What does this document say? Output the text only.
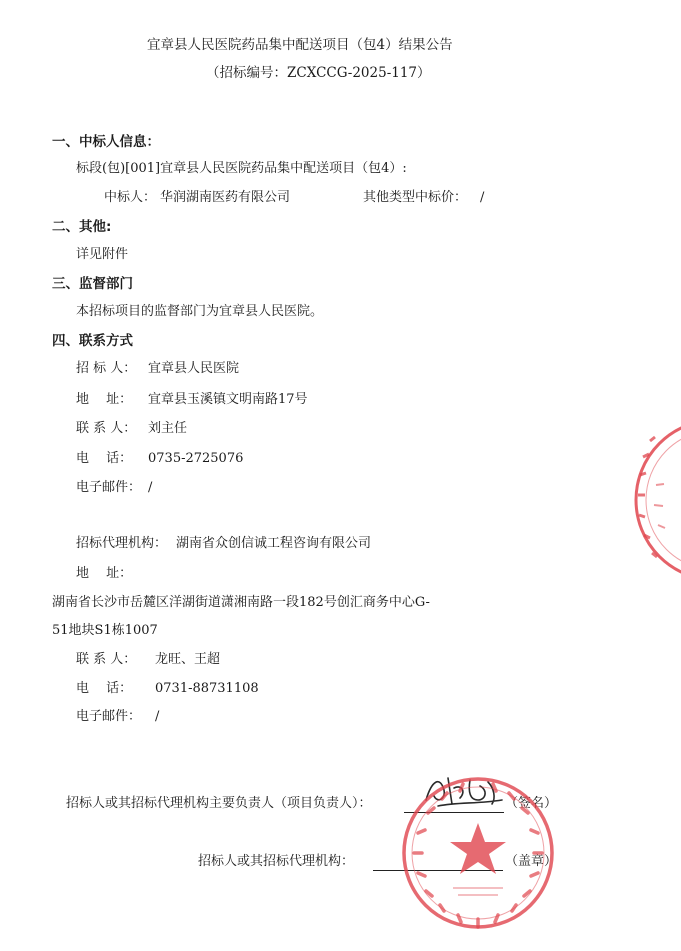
宜章县人民医院药品集中配送项目（包4）结果公告
（招标编号：ZCXCCG-2025-117）
一、中标人信息：
标段(包)[001]宜章县人民医院药品集中配送项目（包4）:
中标人： 华润湖南医药有限公司	其他类型中标价： /
二、其他:
详见附件
三、监督部门
本招标项目的监督部门为宜章县人民医院。
四、联系方式
招 标 人： 宜章县人民医院
地　 址： 宜章县玉溪镇文明南路17号
联 系 人： 刘主任
电　 话： 0735-2725076
电子邮件： /
招标代理机构： 湖南省众创信诚工程咨询有限公司
地　 址：
湖南省长沙市岳麓区洋湖街道潇湘南路一段182号创汇商务中心G-
51地块S1栋1007
联 系 人： 龙旺、王超
电　 话： 0731-88731108
电子邮件： /
招标人或其招标代理机构主要负责人（项目负责人）：	（签名）
招标人或其招标代理机构：	（盖章）
